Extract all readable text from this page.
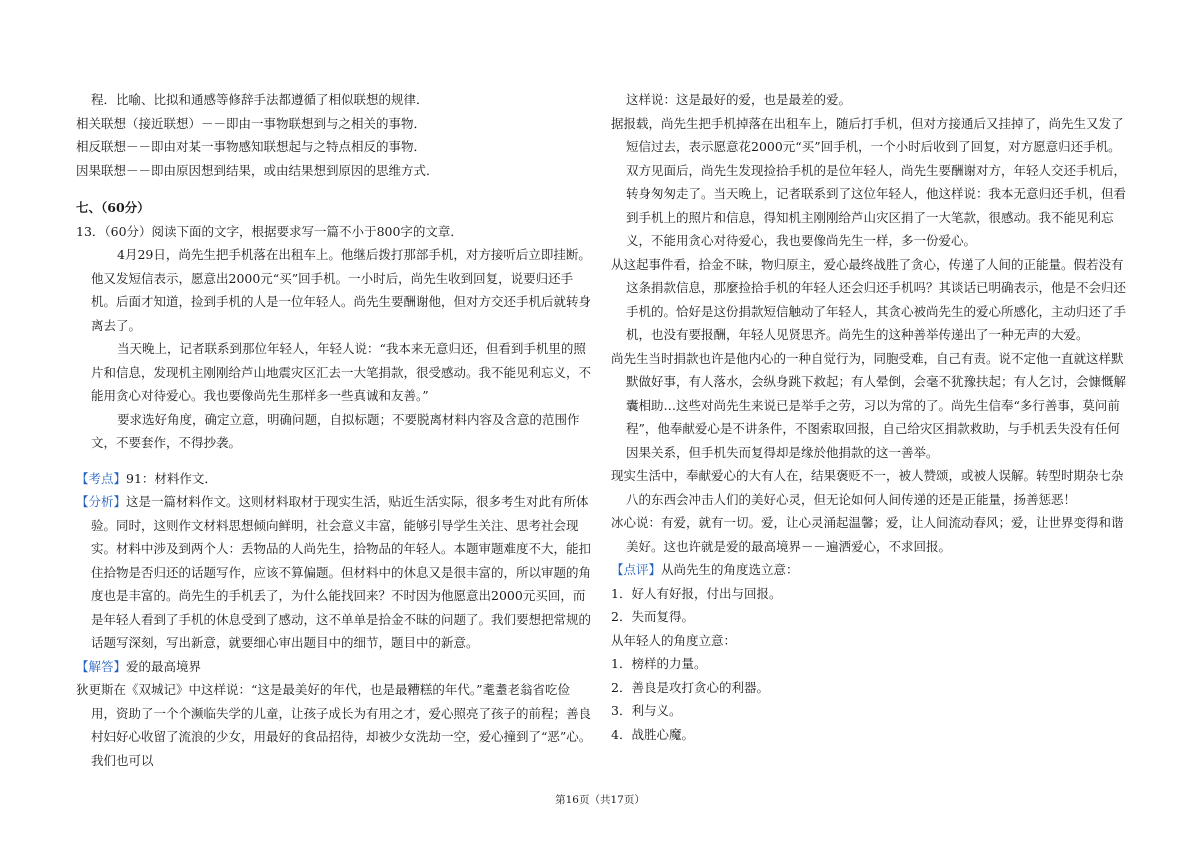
程．比喻、比拟和通感等修辞手法都遵循了相似联想的规律．

相关联想（接近联想）－－即由一事物联想到与之相关的事物．

相反联想－－即由对某一事物感知联想起与之特点相反的事物．

因果联想－－即由原因想到结果，或由结果想到原因的思维方式．

七、（60分）

13．（60分）阅读下面的文字，根据要求写一篇不小于800字的文章．

4月29日，尚先生把手机落在出租车上。他继后拨打那部手机，对方接听后立即挂断。他又发短信表示，愿意出2000元“买”回手机。一小时后，尚先生收到回复，说要归还手机。后面才知道，捡到手机的人是一位年轻人。尚先生要酬谢他，但对方交还手机后就转身离去了。

当天晚上，记者联系到那位年轻人，年轻人说：“我本来无意归还，但看到手机里的照片和信息，发现机主刚刚给芦山地震灾区汇去一大笔捐款，很受感动。我不能见利忘义，不能用贪心对待爱心。我也要像尚先生那样多一些真诚和友善。”

要求选好角度，确定立意，明确问题，自拟标题；不要脱离材料内容及含意的范围作文，不要套作，不得抄袭。

【考点】91：材料作文．

【分析】这是一篇材料作文。这则材料取材于现实生活，贴近生活实际，很多考生对此有所体验。同时，这则作文材料思想倾向鲜明，社会意义丰富，能够引导学生关注、思考社会现实。材料中涉及到两个人：丢物品的人尚先生，拾物品的年轻人。本题审题难度不大，能扣住拾物是否归还的话题写作，应该不算偏题。但材料中的休息又是很丰富的，所以审题的角度也是丰富的。尚先生的手机丢了，为什么能找回来？不时因为他愿意出2000元买回，而是年轻人看到了手机的休息受到了感动，这不单单是拾金不昧的问题了。我们要想把常规的话题写深刻，写出新意，就要细心审出题目中的细节，题目中的新意。

【解答】爱的最高境界

狄更斯在《双城记》中这样说：“这是最美好的年代，也是最糟糕的年代。”耄耋老翁省吃俭用，资助了一个个濒临失学的儿童，让孩子成长为有用之才，爱心照亮了孩子的前程；善良村妇好心收留了流浪的少女，用最好的食品招待，却被少女洗劫一空，爱心撞到了“恶”心。我们也可以

这样说：这是最好的爱，也是最差的爱。

据报载，尚先生把手机掉落在出租车上，随后打手机，但对方接通后又挂掉了，尚先生又发了短信过去，表示愿意花2000元“买”回手机，一个小时后收到了回复，对方愿意归还手机。双方见面后，尚先生发现捡拾手机的是位年轻人，尚先生要酬谢对方，年轻人交还手机后，转身匆匆走了。当天晚上，记者联系到了这位年轻人，他这样说：我本无意归还手机，但看到手机上的照片和信息，得知机主刚刚给芦山灾区捐了一大笔款，很感动。我不能见利忘义，不能用贪心对待爱心，我也要像尚先生一样，多一份爱心。

从这起事件看，拾金不昧，物归原主，爱心最终战胜了贪心，传递了人间的正能量。假若没有这条捐款信息，那麼捡拾手机的年轻人还会归还手机吗？其谈话已明确表示，他是不会归还手机的。恰好是这份捐款短信触动了年轻人，其贪心被尚先生的爱心所感化，主动归还了手机，也没有要报酬，年轻人见贤思齐。尚先生的这种善举传递出了一种无声的大爱。

尚先生当时捐款也许是他内心的一种自觉行为，同胞受难，自己有责。说不定他一直就这样默默做好事，有人落水，会纵身跳下救起；有人晕倒，会毫不犹豫扶起；有人乞讨，会慷慨解囊相助…这些对尚先生来说已是举手之劳，习以为常的了。尚先生信奉“多行善事，莫问前程”，他奉献爱心是不讲条件，不图索取回报，自己给灾区捐款救助，与手机丢失没有任何因果关系，但手机失而复得却是缘於他捐款的这一善举。

现实生活中，奉献爱心的大有人在，结果褒贬不一，被人赞颂，或被人误解。转型时期杂七杂八的东西会冲击人们的美好心灵，但无论如何人间传递的还是正能量，扬善惩恶！

冰心说：有爱，就有一切。爱，让心灵涌起温馨；爱，让人间流动春风；爱，让世界变得和谐美好。这也许就是爱的最高境界－－遍洒爱心，不求回报。

【点评】从尚先生的角度选立意：

1．好人有好报，付出与回报。

2．失而复得。

从年轻人的角度立意：

1．榜样的力量。

2．善良是攻打贪心的利器。

3．利与义。

4．战胜心魔。

第16页（共17页）
